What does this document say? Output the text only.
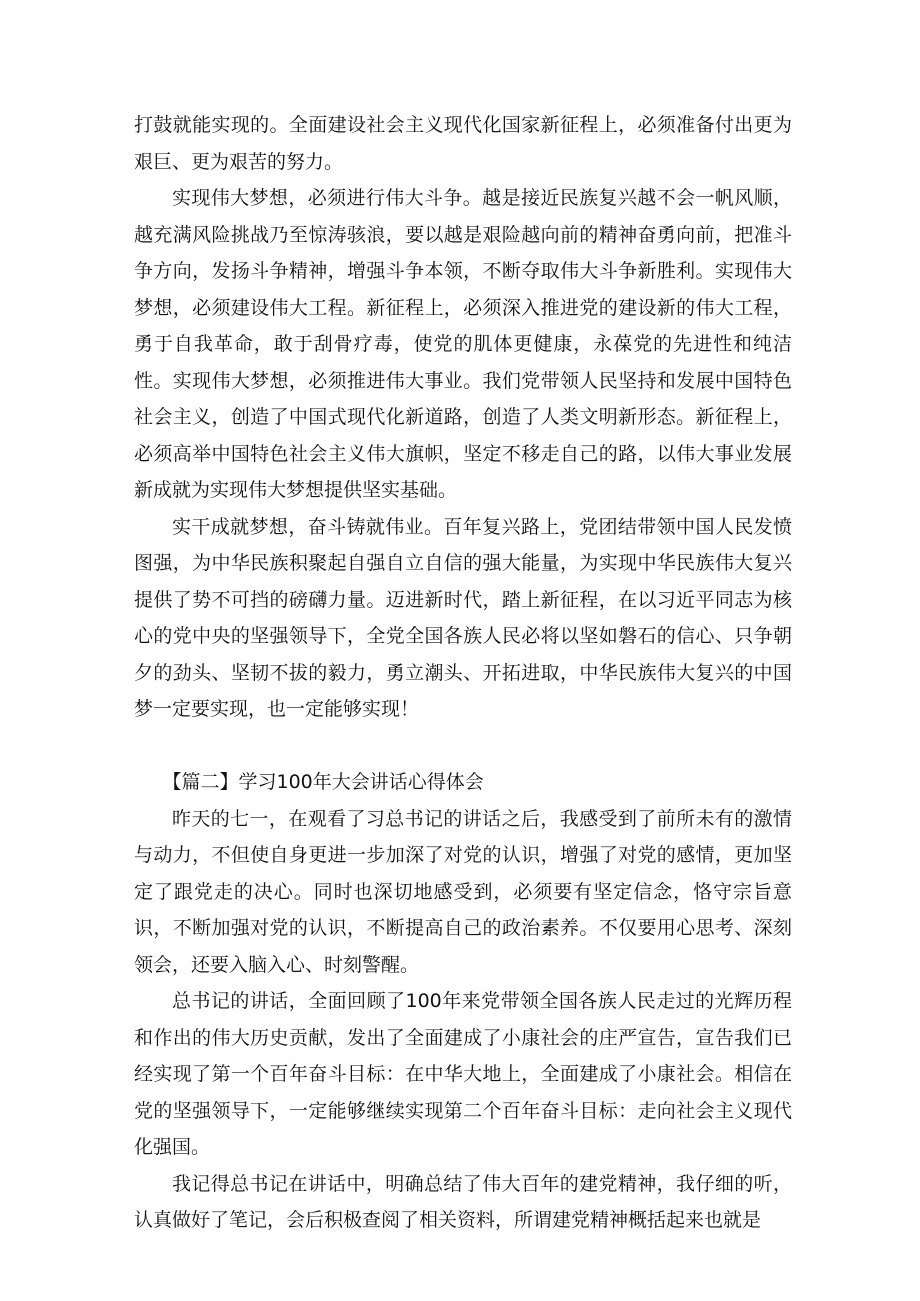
打鼓就能实现的。全面建设社会主义现代化国家新征程上，必须准备付出更为艰巨、更为艰苦的努力。

实现伟大梦想，必须进行伟大斗争。越是接近民族复兴越不会一帆风顺，越充满风险挑战乃至惊涛骇浪，要以越是艰险越向前的精神奋勇向前，把准斗争方向，发扬斗争精神，增强斗争本领，不断夺取伟大斗争新胜利。实现伟大梦想，必须建设伟大工程。新征程上，必须深入推进党的建设新的伟大工程，勇于自我革命，敢于刮骨疗毒，使党的肌体更健康，永葆党的先进性和纯洁性。实现伟大梦想，必须推进伟大事业。我们党带领人民坚持和发展中国特色社会主义，创造了中国式现代化新道路，创造了人类文明新形态。新征程上，必须高举中国特色社会主义伟大旗帜，坚定不移走自己的路，以伟大事业发展新成就为实现伟大梦想提供坚实基础。

实干成就梦想，奋斗铸就伟业。百年复兴路上，党团结带领中国人民发愤图强，为中华民族积聚起自强自立自信的强大能量，为实现中华民族伟大复兴提供了势不可挡的磅礴力量。迈进新时代，踏上新征程，在以习近平同志为核心的党中央的坚强领导下，全党全国各族人民必将以坚如磐石的信心、只争朝夕的劲头、坚韧不拔的毅力，勇立潮头、开拓进取，中华民族伟大复兴的中国梦一定要实现，也一定能够实现！

【篇二】学习100年大会讲话心得体会

昨天的七一，在观看了习总书记的讲话之后，我感受到了前所未有的激情与动力，不但使自身更进一步加深了对党的认识，增强了对党的感情，更加坚定了跟党走的决心。同时也深切地感受到，必须要有坚定信念，恪守宗旨意识，不断加强对党的认识，不断提高自己的政治素养。不仅要用心思考、深刻领会，还要入脑入心、时刻警醒。

总书记的讲话，全面回顾了100年来党带领全国各族人民走过的光辉历程和作出的伟大历史贡献，发出了全面建成了小康社会的庄严宣告，宣告我们已经实现了第一个百年奋斗目标：在中华大地上，全面建成了小康社会。相信在党的坚强领导下，一定能够继续实现第二个百年奋斗目标：走向社会主义现代化强国。

我记得总书记在讲话中，明确总结了伟大百年的建党精神，我仔细的听，认真做好了笔记，会后积极查阅了相关资料，所谓建党精神概括起来也就是
